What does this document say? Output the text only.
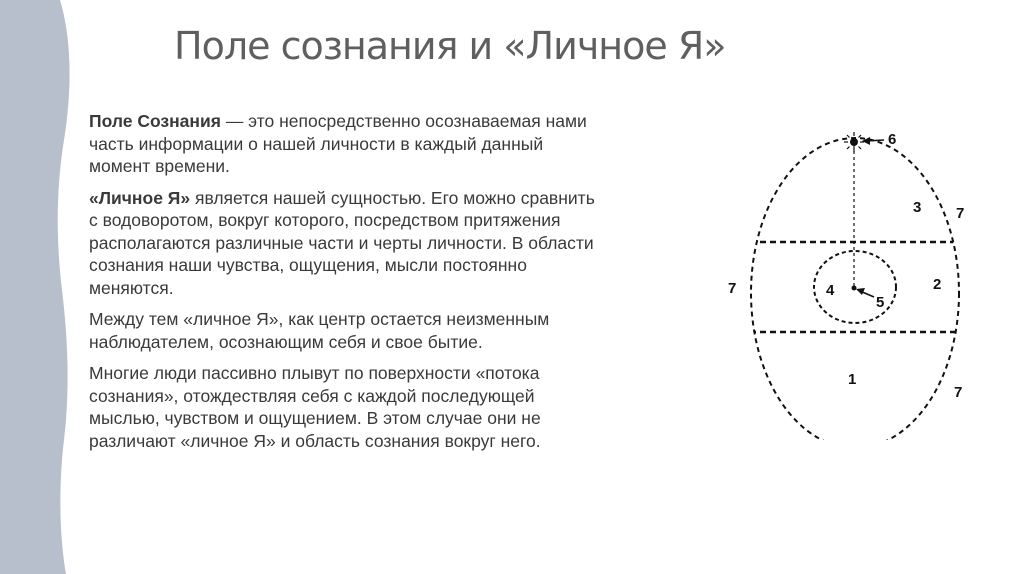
Поле сознания и «Личное Я»

Поле Сознания — это непосредственно осознаваемая нами
часть информации о нашей личности в каждый данный
момент времени.

«Личное Я» является нашей сущностью. Его можно сравнить
с водоворотом, вокруг которого, посредством притяжения
располагаются различные части и черты личности. В области
сознания наши чувства, ощущения, мысли постоянно
меняются.

Между тем «личное Я», как центр остается неизменным
наблюдателем, осознающим себя и свое бытие.

Многие люди пассивно плывут по поверхности «потока
сознания», отождествляя себя с каждой последующей
мыслью, чувством и ощущением. В этом случае они не
различают «личное Я» и область сознания вокруг него.

6
3 7
7	2
4
5
1
7
